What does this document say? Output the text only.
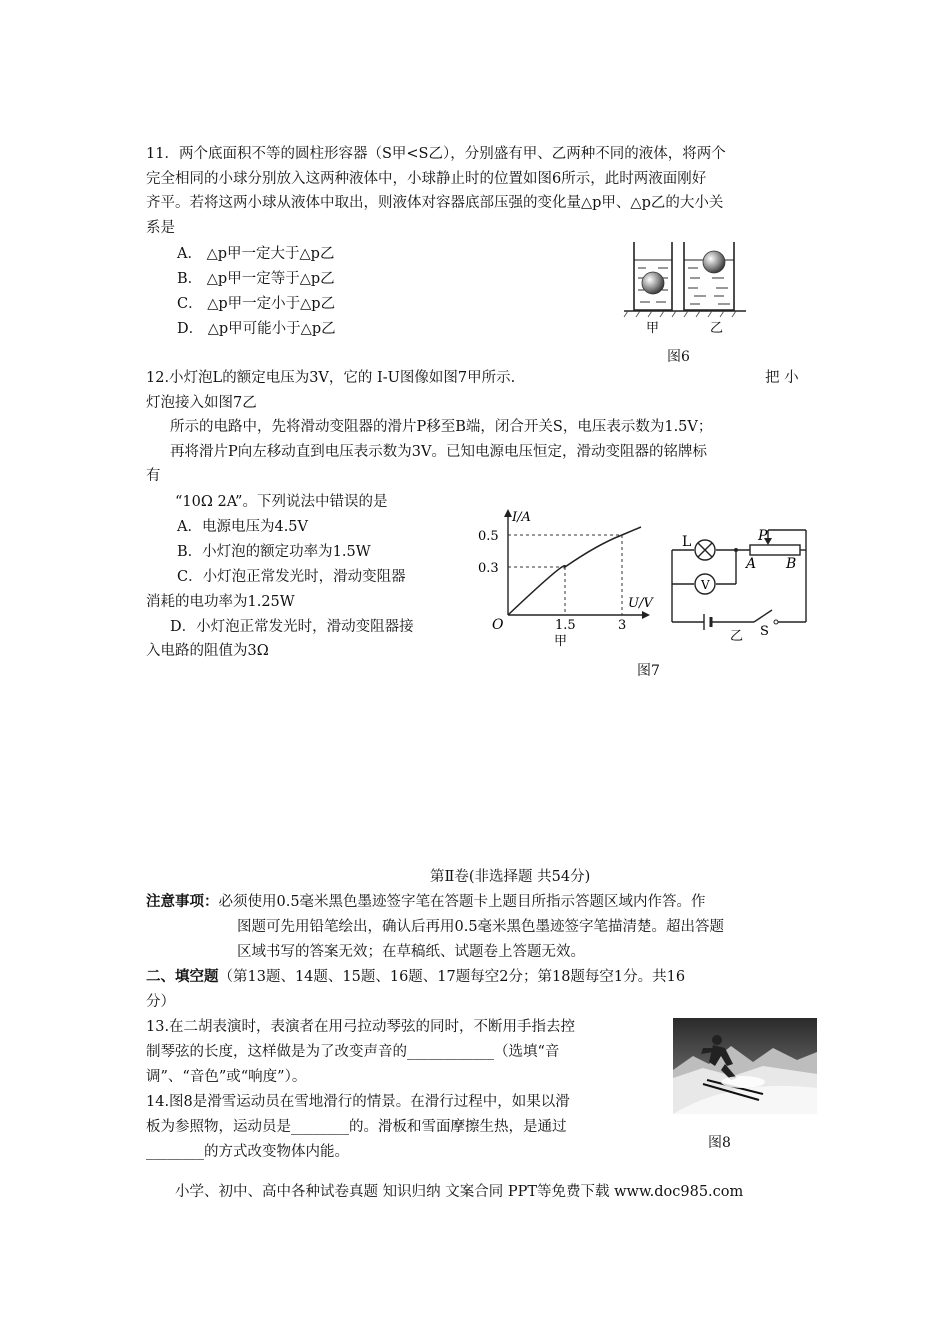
11．两个底面积不等的圆柱形容器（S甲<S乙），分别盛有甲、乙两种不同的液体，将两个
完全相同的小球分别放入这两种液体中，小球静止时的位置如图6所示，此时两液面刚好
齐平。若将这两小球从液体中取出，则液体对容器底部压强的变化量△p甲、△p乙的大小关
系是
A． △p甲一定大于△p乙
B． △p甲一定等于△p乙
C． △p甲一定小于△p乙
D． △p甲可能小于△p乙	甲	乙
图6
12.小灯泡L的额定电压为3V，它的 I-U图像如图7甲所示.	把 小
灯泡接入如图7乙
所示的电路中，先将滑动变阻器的滑片P移至B端，闭合开关S，电压表示数为1.5V；
再将滑片P向左移动直到电压表示数为3V。已知电源电压恒定，滑动变阻器的铭牌标
有
“10Ω 2A”。下列说法中错误的是
A．电源电压为4.5V
B．小灯泡的额定功率为1.5W
C．小灯泡正常发光时，滑动变阻器
消耗的电功率为1.25W
D．小灯泡正常发光时，滑动变阻器接
入电路的阻值为3Ω
1.5	3
0.3
0.5
I/A
U/V
O
甲
L
V
A B
P
S
乙
图7
第Ⅱ卷(非选择题 共54分)
注意事项：必须使用0.5毫米黑色墨迹签字笔在答题卡上题目所指示答题区域内作答。作
图题可先用铅笔绘出，确认后再用0.5毫米黑色墨迹签字笔描清楚。超出答题
区域书写的答案无效；在草稿纸、试题卷上答题无效。
二、填空题（第13题、14题、15题、16题、17题每空2分；第18题每空1分。共16
分）
13.在二胡表演时，表演者在用弓拉动琴弦的同时，不断用手指去控
制琴弦的长度，这样做是为了改变声音的____________（选填“音
调”、“音色”或“响度”）。
14.图8是滑雪运动员在雪地滑行的情景。在滑行过程中，如果以滑
板为参照物，运动员是________的。滑板和雪面摩擦生热，是通过
________的方式改变物体内能。
图8
小学、初中、高中各种试卷真题 知识归纳 文案合同 PPT等免费下载 www.doc985.com
